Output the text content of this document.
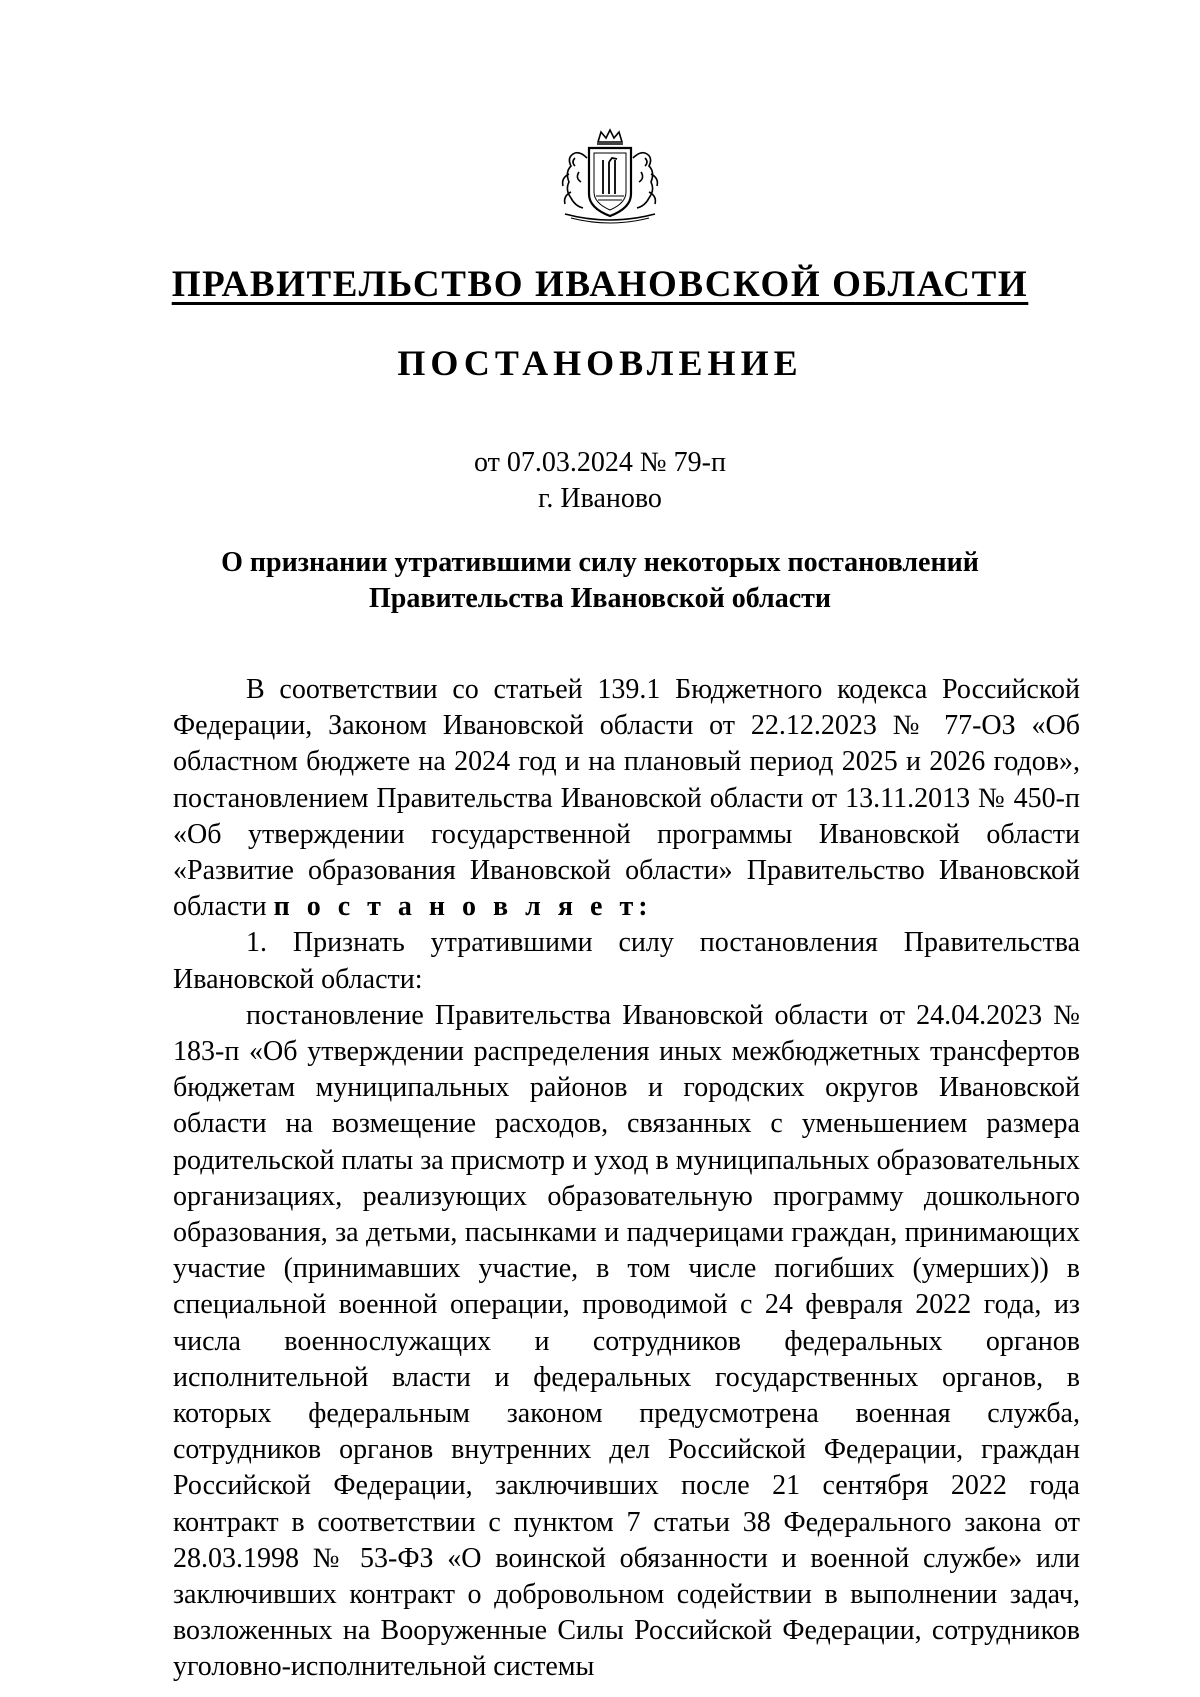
ПРАВИТЕЛЬСТВО ИВАНОВСКОЙ ОБЛАСТИ
ПОСТАНОВЛЕНИЕ
от 07.03.2024 № 79-п
г. Иваново
О признании утратившими силу некоторых постановлений
Правительства Ивановской области

В соответствии со статьей 139.1 Бюджетного кодекса Российской Федерации, Законом Ивановской области от 22.12.2023 № 77-ОЗ «Об областном бюджете на 2024 год и на плановый период 2025 и 2026 годов», постановлением Правительства Ивановской области от 13.11.2013 № 450-п «Об утверждении государственной программы Ивановской области «Развитие образования Ивановской области» Правительство Ивановской области п о с т а н о в л я е т:

1. Признать утратившими силу постановления Правительства Ивановской области:

постановление Правительства Ивановской области от 24.04.2023 № 183-п «Об утверждении распределения иных межбюджетных трансфертов бюджетам муниципальных районов и городских округов Ивановской области на возмещение расходов, связанных с уменьшением размера родительской платы за присмотр и уход в муниципальных образовательных организациях, реализующих образовательную программу дошкольного образования, за детьми, пасынками и падчерицами граждан, принимающих участие (принимавших участие, в том числе погибших (умерших)) в специальной военной операции, проводимой с 24 февраля 2022 года, из числа военнослужащих и сотрудников федеральных органов исполнительной власти и федеральных государственных органов, в которых федеральным законом предусмотрена военная служба, сотрудников органов внутренних дел Российской Федерации, граждан Российской Федерации, заключивших после 21 сентября 2022 года контракт в соответствии с пунктом 7 статьи 38 Федерального закона от 28.03.1998 № 53-ФЗ «О воинской обязанности и военной службе» или заключивших контракт о добровольном содействии в выполнении задач, возложенных на Вооруженные Силы Российской Федерации, сотрудников уголовно-исполнительной системы
